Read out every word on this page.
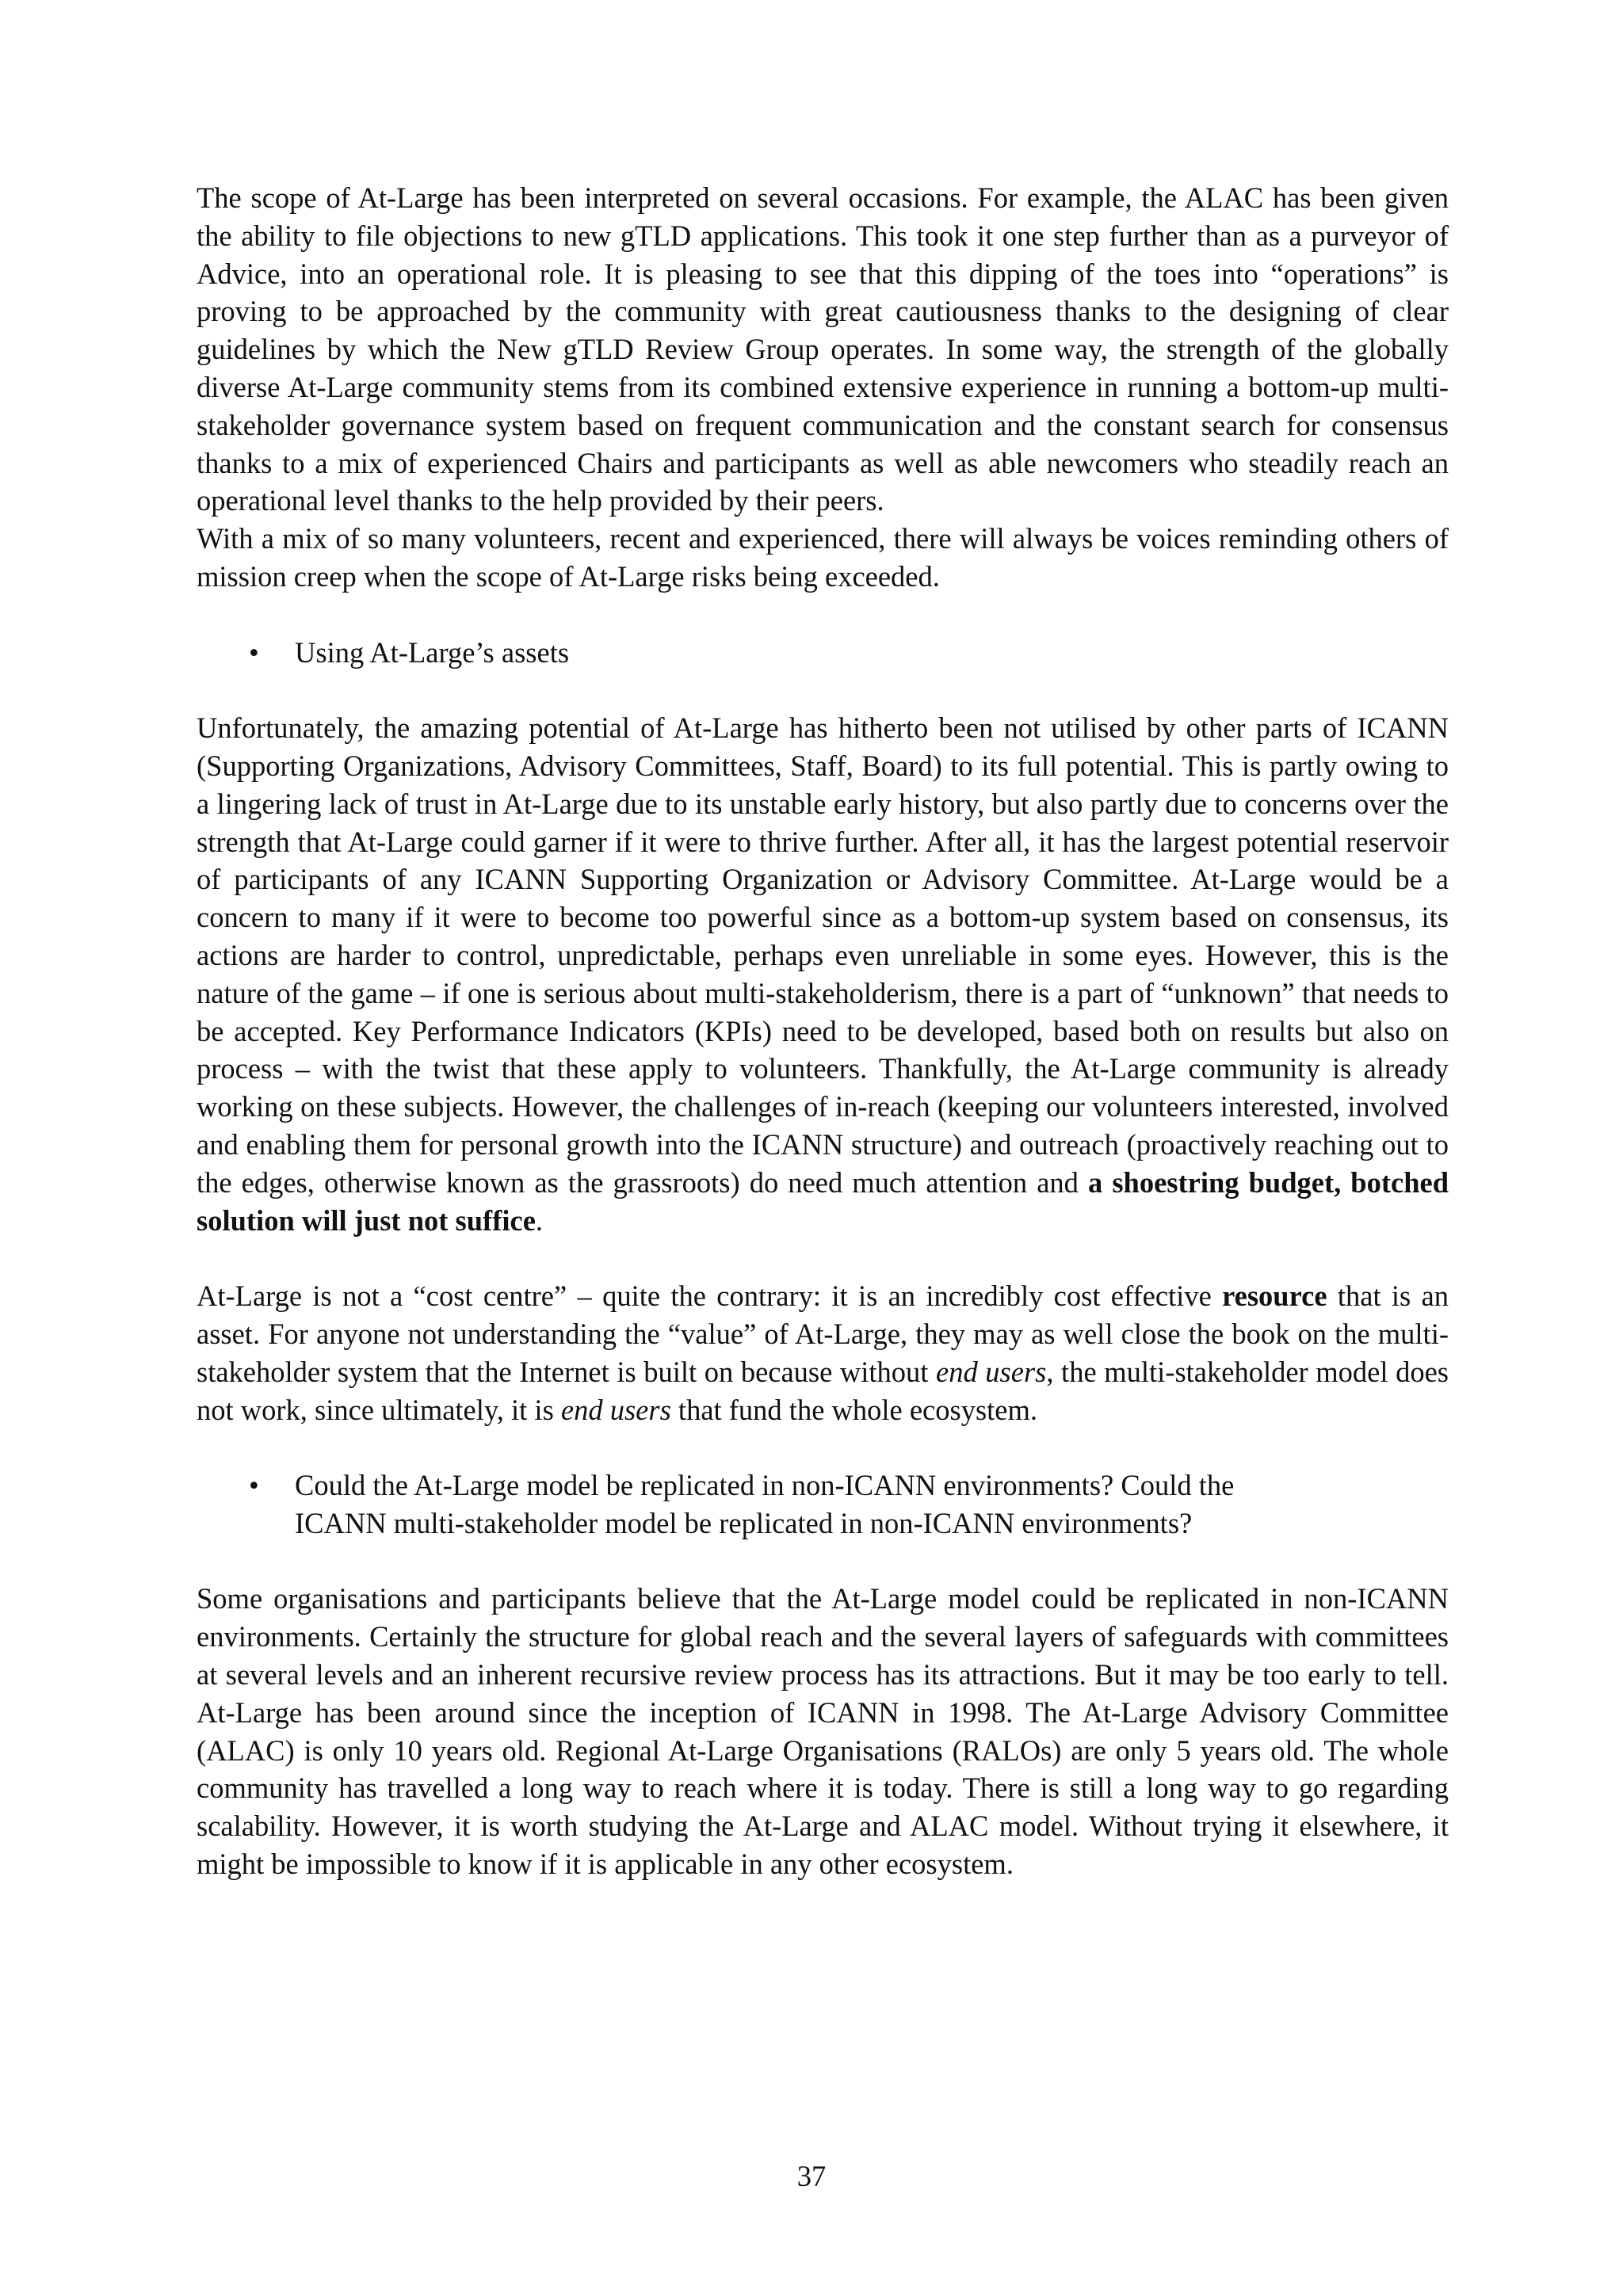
The scope of At-Large has been interpreted on several occasions. For example, the ALAC has been given the ability to file objections to new gTLD applications. This took it one step further than as a purveyor of Advice, into an operational role. It is pleasing to see that this dipping of the toes into “operations” is proving to be approached by the community with great cautiousness thanks to the designing of clear guidelines by which the New gTLD Review Group operates. In some way, the strength of the globally diverse At-Large community stems from its combined extensive experience in running a bottom-up multi-stakeholder governance system based on frequent communication and the constant search for consensus thanks to a mix of experienced Chairs and participants as well as able newcomers who steadily reach an operational level thanks to the help provided by their peers.

With a mix of so many volunteers, recent and experienced, there will always be voices reminding others of mission creep when the scope of At-Large risks being exceeded.

• Using At-Large’s assets

Unfortunately, the amazing potential of At-Large has hitherto been not utilised by other parts of ICANN (Supporting Organizations, Advisory Committees, Staff, Board) to its full potential. This is partly owing to a lingering lack of trust in At-Large due to its unstable early history, but also partly due to concerns over the strength that At-Large could garner if it were to thrive further. After all, it has the largest potential reservoir of participants of any ICANN Supporting Organization or Advisory Committee. At-Large would be a concern to many if it were to become too powerful since as a bottom-up system based on consensus, its actions are harder to control, unpredictable, perhaps even unreliable in some eyes. However, this is the nature of the game – if one is serious about multi-stakeholderism, there is a part of “unknown” that needs to be accepted. Key Performance Indicators (KPIs) need to be developed, based both on results but also on process – with the twist that these apply to volunteers. Thankfully, the At-Large community is already working on these subjects. However, the challenges of in-reach (keeping our volunteers interested, involved and enabling them for personal growth into the ICANN structure) and outreach (proactively reaching out to the edges, otherwise known as the grassroots) do need much attention and a shoestring budget, botched solution will just not suffice.

At-Large is not a “cost centre” – quite the contrary: it is an incredibly cost effective resource that is an asset. For anyone not understanding the “value” of At-Large, they may as well close the book on the multi-stakeholder system that the Internet is built on because without end users, the multi-stakeholder model does not work, since ultimately, it is end users that fund the whole ecosystem.

• Could the At-Large model be replicated in non-ICANN environments? Could the
ICANN multi-stakeholder model be replicated in non-ICANN environments?

Some organisations and participants believe that the At-Large model could be replicated in non-ICANN environments. Certainly the structure for global reach and the several layers of safeguards with committees at several levels and an inherent recursive review process has its attractions. But it may be too early to tell. At-Large has been around since the inception of ICANN in 1998. The At-Large Advisory Committee (ALAC) is only 10 years old. Regional At-Large Organisations (RALOs) are only 5 years old. The whole community has travelled a long way to reach where it is today. There is still a long way to go regarding scalability. However, it is worth studying the At-Large and ALAC model. Without trying it elsewhere, it might be impossible to know if it is applicable in any other ecosystem.

37
